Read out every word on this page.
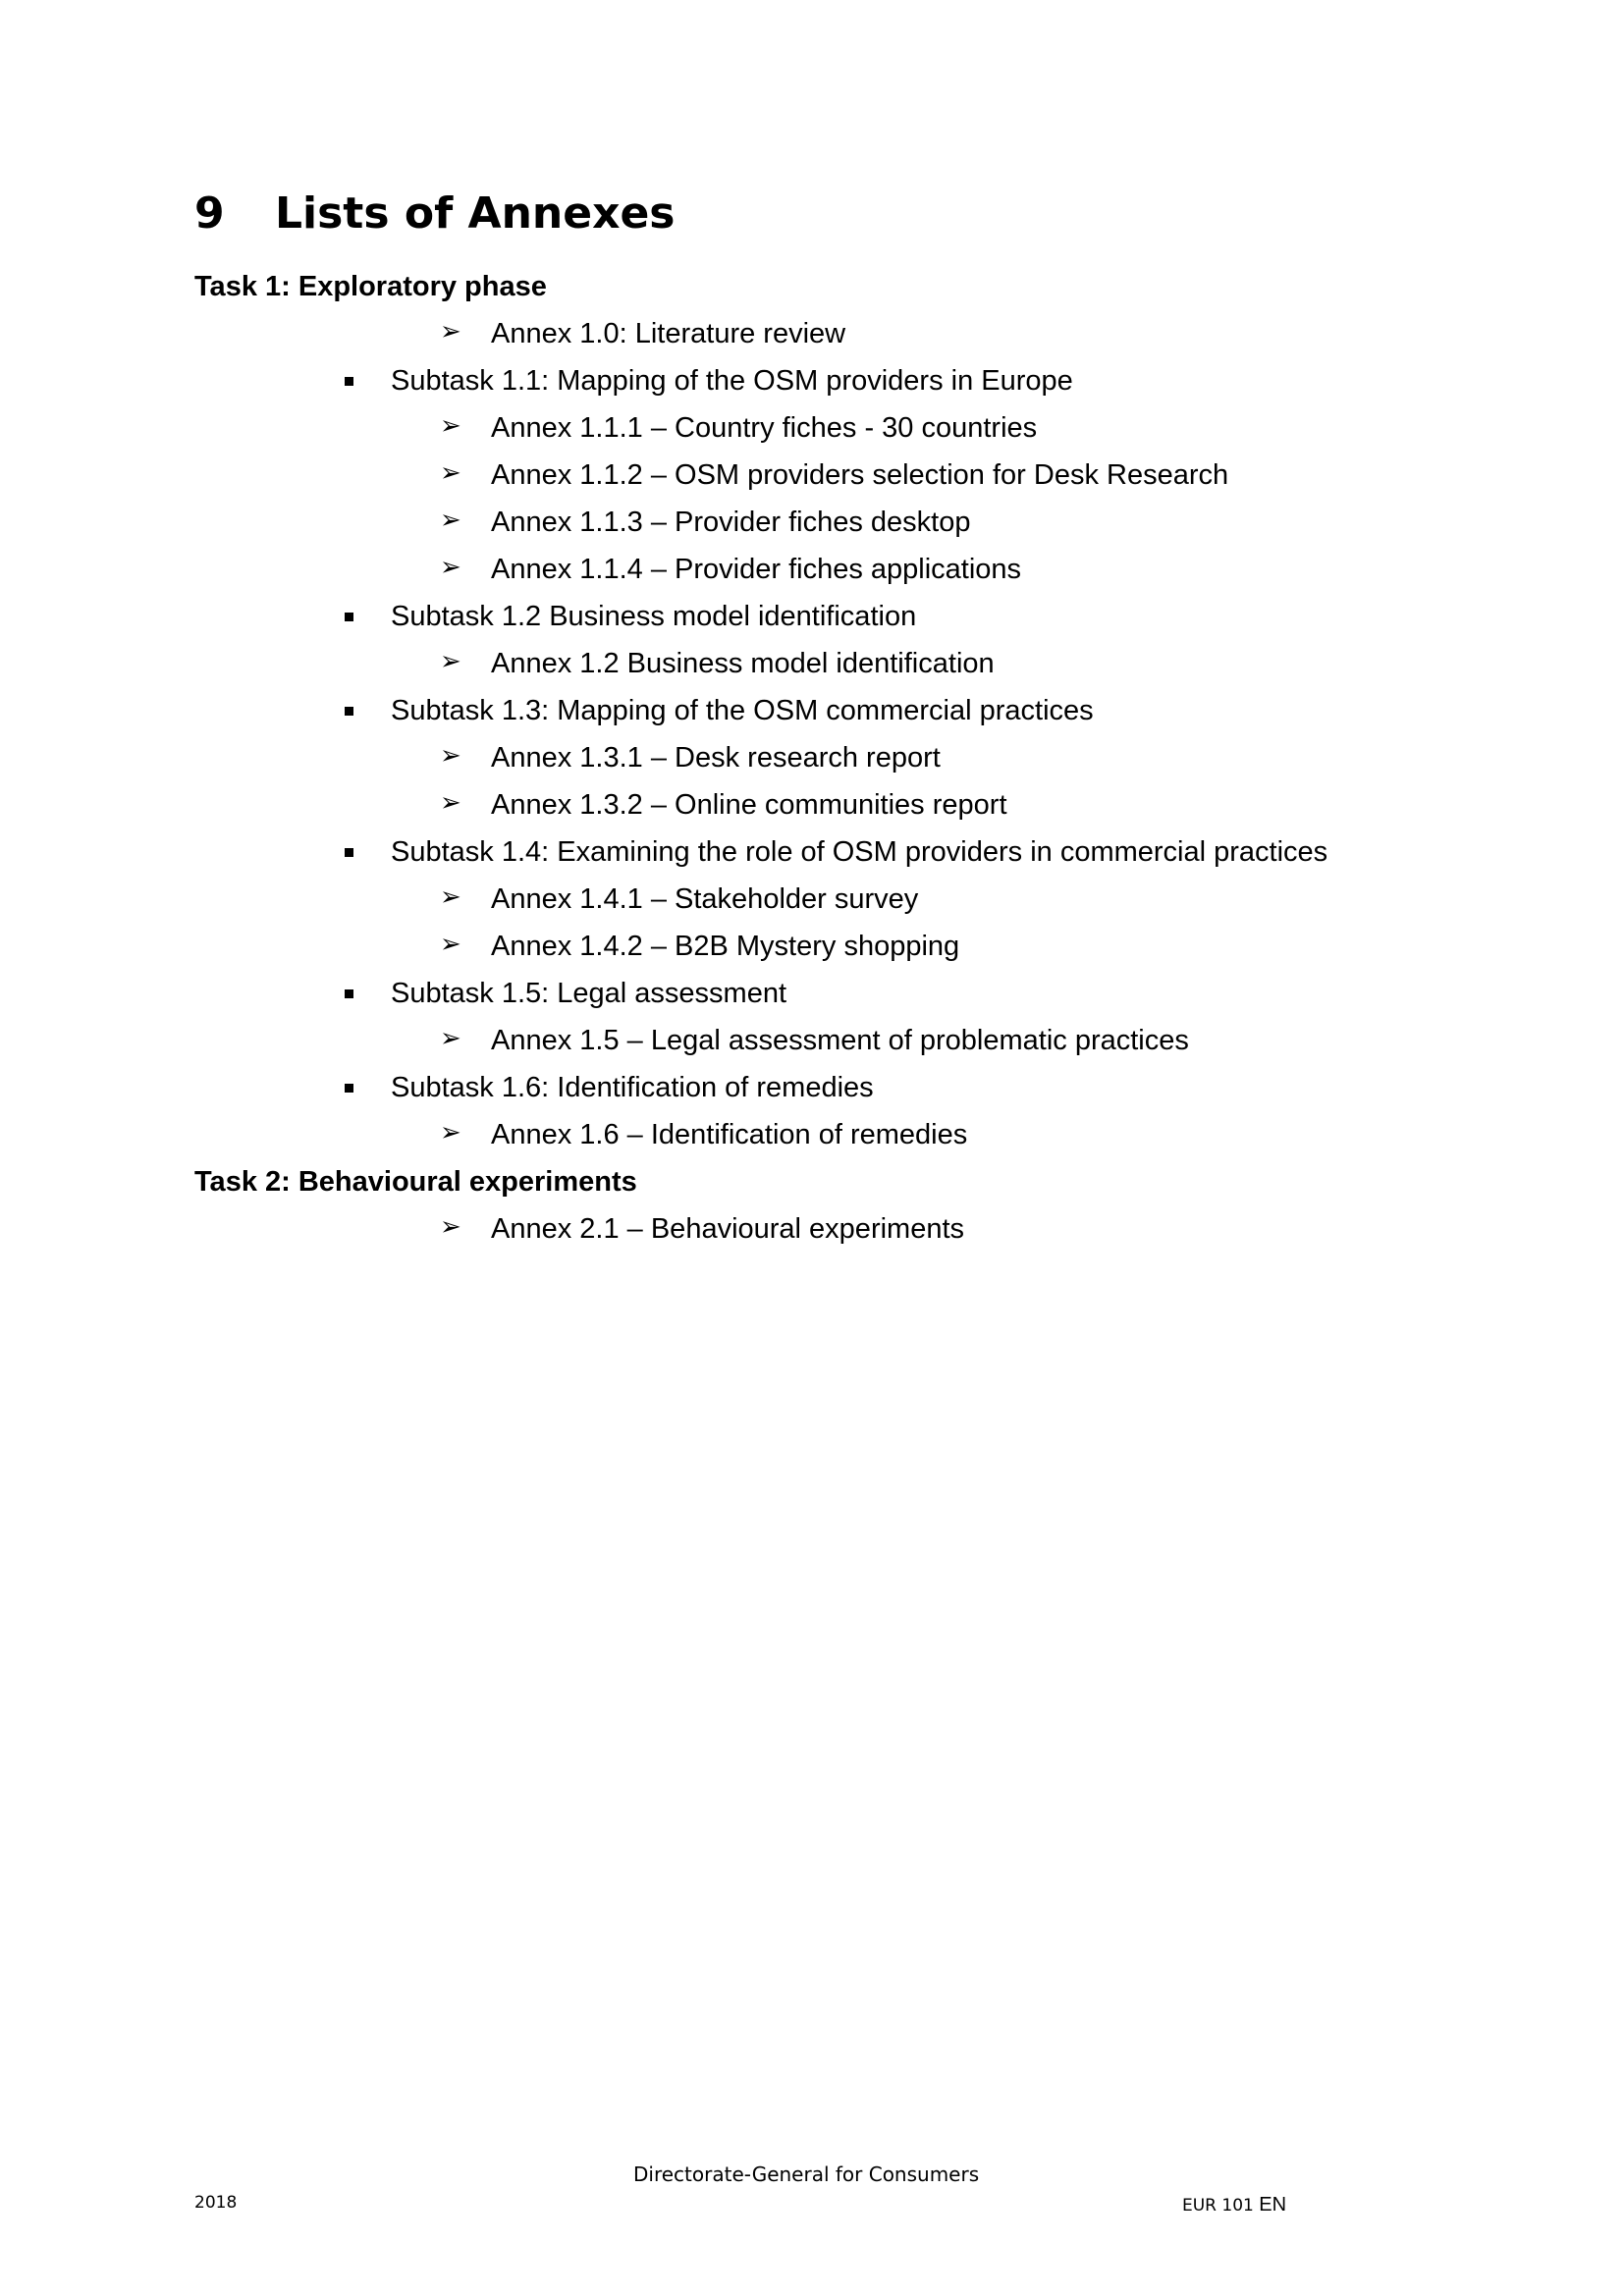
9 Lists of Annexes
Task 1: Exploratory phase
➢ Annex 1.0: Literature review
Subtask 1.1: Mapping of the OSM providers in Europe
➢ Annex 1.1.1 – Country fiches - 30 countries
➢ Annex 1.1.2 – OSM providers selection for Desk Research
➢ Annex 1.1.3 – Provider fiches desktop
➢ Annex 1.1.4 – Provider fiches applications
Subtask 1.2 Business model identification
➢ Annex 1.2 Business model identification
Subtask 1.3: Mapping of the OSM commercial practices
➢ Annex 1.3.1 – Desk research report
➢ Annex 1.3.2 – Online communities report
Subtask 1.4: Examining the role of OSM providers in commercial practices
➢ Annex 1.4.1 – Stakeholder survey
➢ Annex 1.4.2 – B2B Mystery shopping
Subtask 1.5: Legal assessment
➢ Annex 1.5 – Legal assessment of problematic practices
Subtask 1.6: Identification of remedies
➢ Annex 1.6 – Identification of remedies
Task 2: Behavioural experiments
➢ Annex 2.1 – Behavioural experiments
Directorate-General for Consumers
2018	EUR 101 EN
